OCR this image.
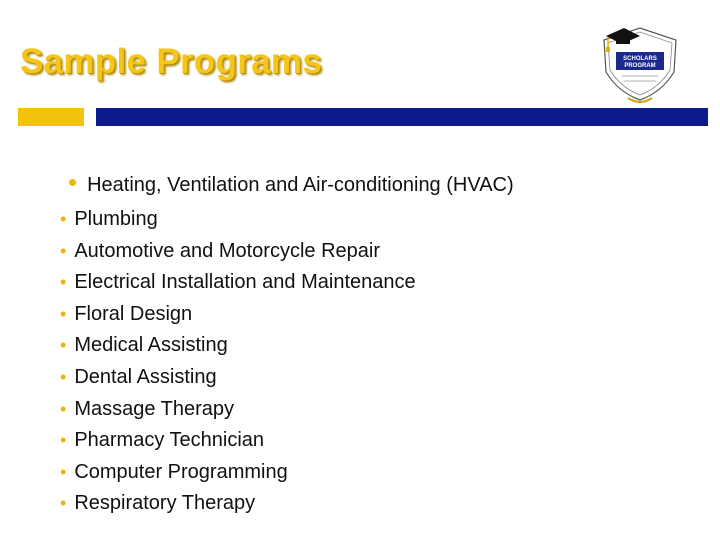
Sample Programs	SCHOLARS
PROGRAM
• Heating, Ventilation and Air-conditioning (HVAC)
• Plumbing
• Automotive and Motorcycle Repair
• Electrical Installation and Maintenance
• Floral Design
• Medical Assisting
• Dental Assisting
• Massage Therapy
• Pharmacy Technician
• Computer Programming
• Respiratory Therapy
